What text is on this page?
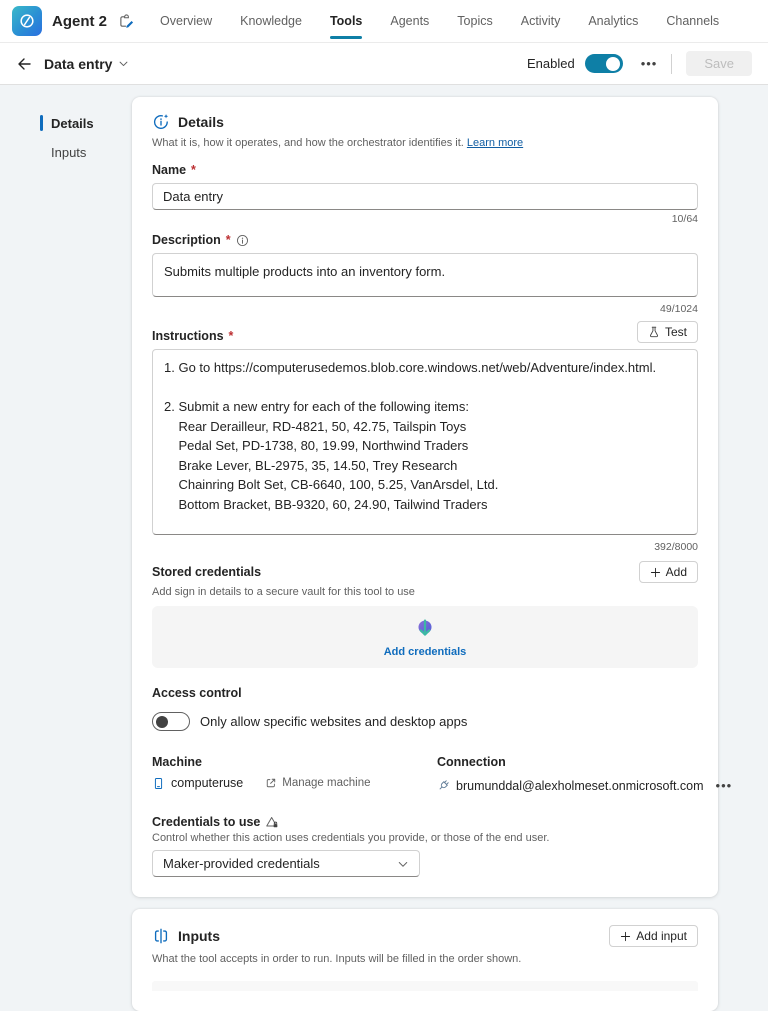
Agent 2	Overview Knowledge Tools Agents Topics Activity Analytics Channels
Data entry	Enabled	•••	Save
Details
Inputs
Details
What it is, how it operates, and how the orchestrator identifies it. Learn more
Name *
Data entry
10/64
Description *
Submits multiple products into an inventory form.
49/1024
Instructions *	Test
1. Go to https://computerusedemos.blob.core.windows.net/web/Adventure/index.html. 2. Submit a new entry for each of the following items: Rear Derailleur, RD-4821, 50, 42.75, Tailspin Toys Pedal Set, PD-1738, 80, 19.99, Northwind Traders Brake Lever, BL-2975, 35, 14.50, Trey Research Chainring Bolt Set, CB-6640, 100, 5.25, VanArsdel, Ltd. Bottom Bracket, BB-9320, 60, 24.90, Tailwind Traders
392/8000
Stored credentials	Add
Add sign in details to a secure vault for this tool to use
Add credentials
Access control
Only allow specific websites and desktop apps
Machine
computeruse	Manage machine
Connection
brumunddal@alexholmeset.onmicrosoft.com •••
Credentials to use
Control whether this action uses credentials you provide, or those of the end user.
Maker-provided credentials
Inputs	Add input
What the tool accepts in order to run. Inputs will be filled in the order shown.
